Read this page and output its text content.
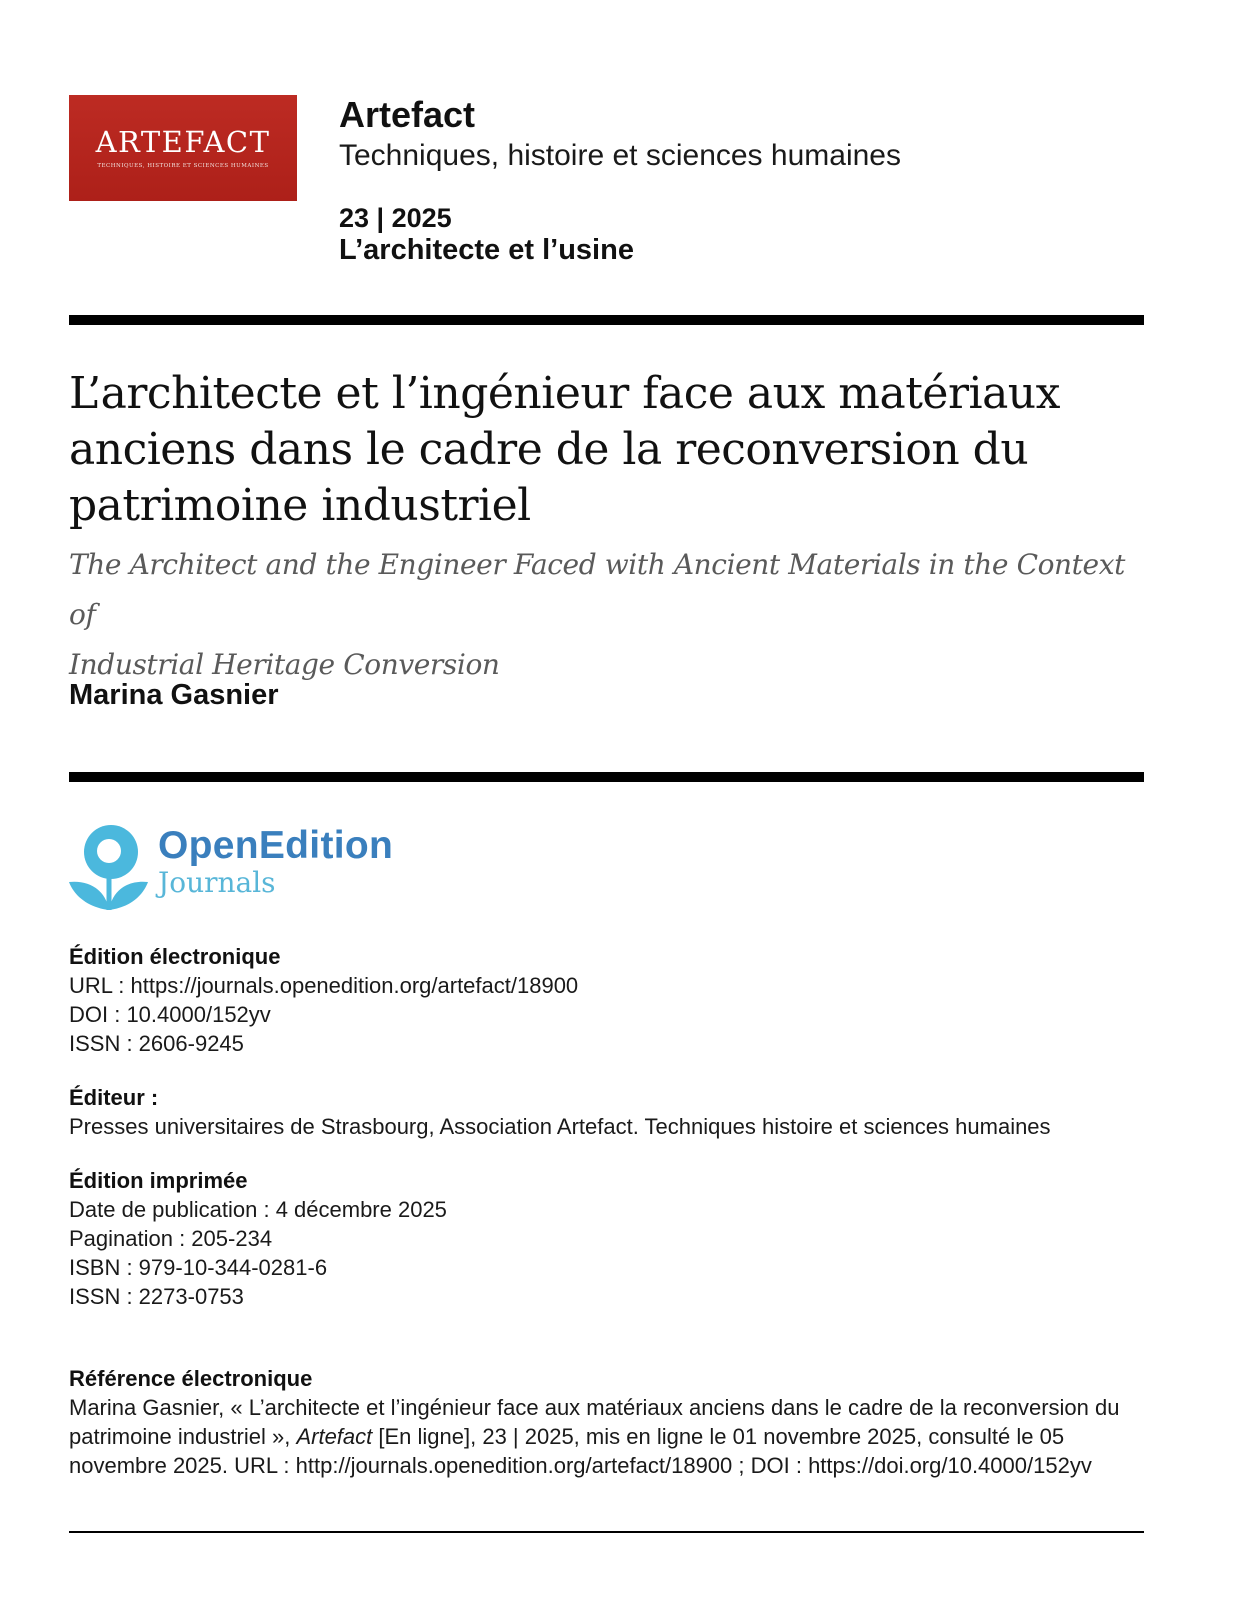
ARTEFACT
TECHNIQUES, HISTOIRE ET SCIENCES HUMAINES
Artefact
Techniques, histoire et sciences humaines
23 | 2025
L’architecte et l’usine
L’architecte et l’ingénieur face aux matériaux
anciens dans le cadre de la reconversion du
patrimoine industriel
The Architect and the Engineer Faced with Ancient Materials in the Context of
Industrial Heritage Conversion
Marina Gasnier
OpenEdition
Journals
Édition électronique
URL : https://journals.openedition.org/artefact/18900
DOI : 10.4000/152yv
ISSN : 2606-9245
Éditeur :
Presses universitaires de Strasbourg, Association Artefact. Techniques histoire et sciences humaines
Édition imprimée
Date de publication : 4 décembre 2025
Pagination : 205-234
ISBN : 979-10-344-0281-6
ISSN : 2273-0753
Référence électronique
Marina Gasnier, « L’architecte et l’ingénieur face aux matériaux anciens dans le cadre de la reconversion du patrimoine industriel », Artefact [En ligne], 23 | 2025, mis en ligne le 01 novembre 2025, consulté le 05 novembre 2025. URL : http://journals.openedition.org/artefact/18900 ; DOI : https://doi.org/10.4000/152yv
